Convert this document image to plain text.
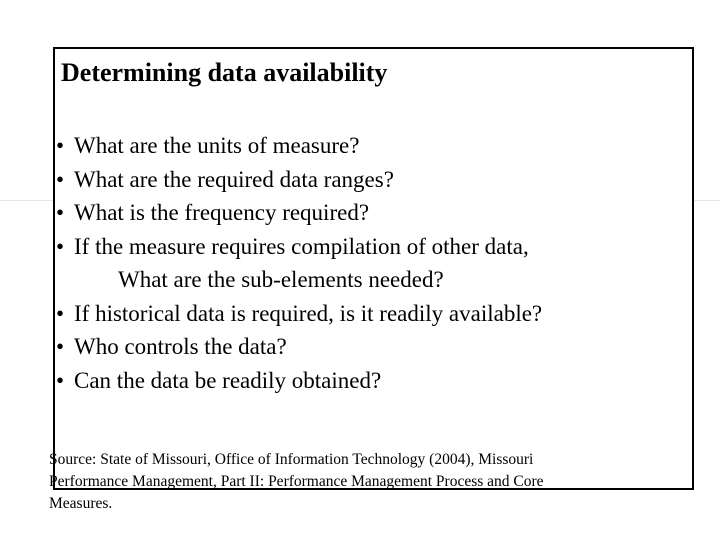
Determining data availability
• What are the units of measure?
• What are the required data ranges?
• What is the frequency required?
• If the measure requires compilation of other data,
What are the sub-elements needed?
• If historical data is required, is it readily available?
• Who controls the data?
• Can the data be readily obtained?
Source: State of Missouri, Office of Information Technology (2004), Missouri
Performance Management, Part II: Performance Management Process and Core
Measures.
